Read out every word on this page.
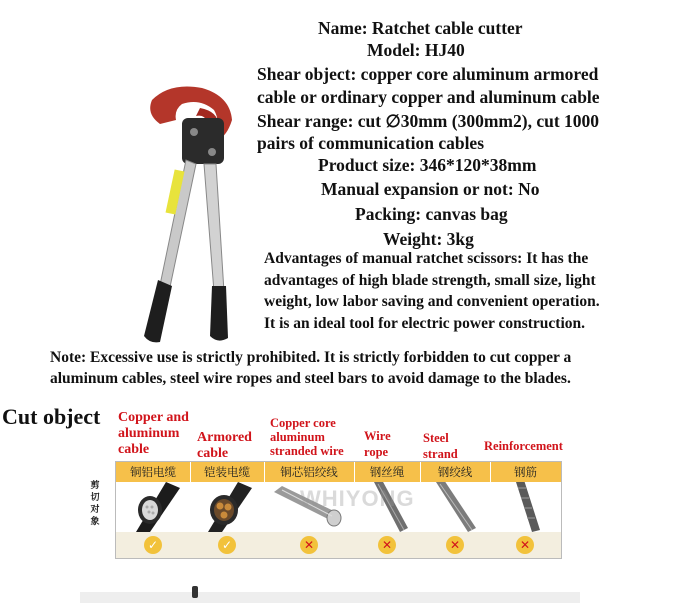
Name: Ratchet cable cutter
Model: HJ40
Shear object: copper core aluminum armored
cable or ordinary copper and aluminum cable
Shear range: cut ∅30mm (300mm2), cut 1000
pairs of communication cables
Product size: 346*120*38mm
Manual expansion or not: No
Packing: canvas bag
Weight: 3kg
Advantages of manual ratchet scissors: It has the
advantages of high blade strength, small size, light
weight, low labor saving and convenient operation.
It is an ideal tool for electric power construction.
Note: Excessive use is strictly prohibited. It is strictly forbidden to cut copper a
aluminum cables, steel wire ropes and steel bars to avoid damage to the blades.
Cut object Copper and
aluminum
cable
Armored
cable
Copper core
aluminum
stranded wire
Wire
rope
Steel
strand
Reinforcement
剪
切
对
象
铜铝电缆	铠装电缆	铜芯铝绞线	钢丝绳	钢绞线	钢筋
✓	✓	✕	✕	✕	✕
WHIYONG
